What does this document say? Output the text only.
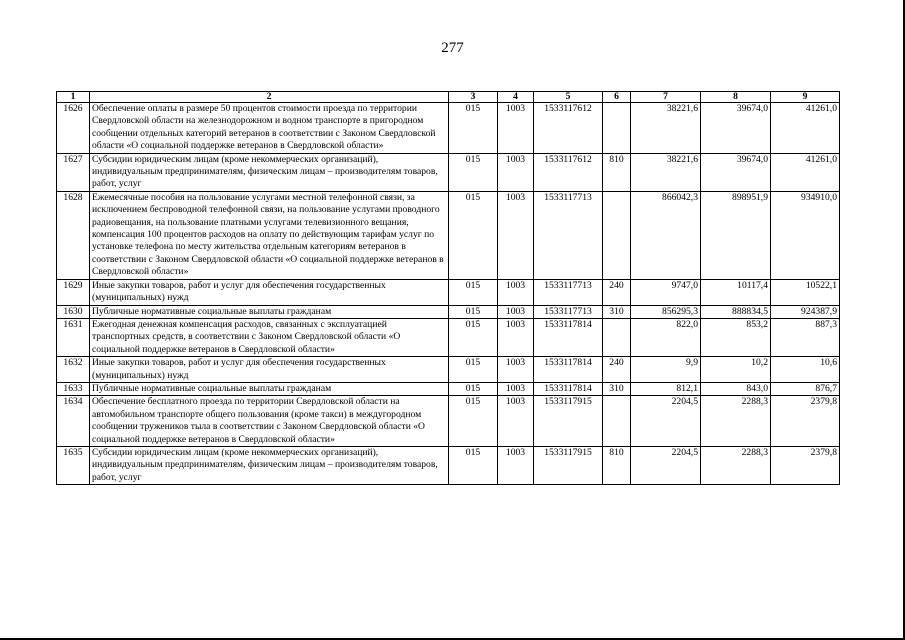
277
1	2	3	4	5	6	7	8	9
1626	Обеспечение оплаты в размере 50 процентов стоимости проезда по территории Свердловской области на железнодорожном и водном транспорте в пригородном сообщении отдельных категорий ветеранов в соответствии с Законом Свердловской области «О социальной поддержке ветеранов в Свердловской области»	015	1003	1533117612		38221,6	39674,0	41261,0
1627	Субсидии юридическим лицам (кроме некоммерческих организаций), индивидуальным предпринимателям, физическим лицам – производителям товаров, работ, услуг	015	1003	1533117612	810	38221,6	39674,0	41261,0
1628	Ежемесячные пособия на пользование услугами местной телефонной связи, за исключением беспроводной телефонной связи, на пользование услугами проводного радиовещания, на пользование платными услугами телевизионного вещания, компенсация 100 процентов расходов на оплату по действующим тарифам услуг по установке телефона по месту жительства отдельным категориям ветеранов в соответствии с Законом Свердловской области «О социальной поддержке ветеранов в Свердловской области»	015	1003	1533117713		866042,3	898951,9	934910,0
1629	Иные закупки товаров, работ и услуг для обеспечения государственных (муниципальных) нужд	015	1003	1533117713	240	9747,0	10117,4	10522,1
1630	Публичные нормативные социальные выплаты гражданам	015	1003	1533117713	310	856295,3	888834,5	924387,9
1631	Ежегодная денежная компенсация расходов, связанных с эксплуатацией транспортных средств, в соответствии с Законом Свердловской области «О социальной поддержке ветеранов в Свердловской области»	015	1003	1533117814		822,0	853,2	887,3
1632	Иные закупки товаров, работ и услуг для обеспечения государственных (муниципальных) нужд	015	1003	1533117814	240	9,9	10,2	10,6
1633	Публичные нормативные социальные выплаты гражданам	015	1003	1533117814	310	812,1	843,0	876,7
1634	Обеспечение бесплатного проезда по территории Свердловской области на автомобильном транспорте общего пользования (кроме такси) в междугородном сообщении тружеников тыла в соответствии с Законом Свердловской области «О социальной поддержке ветеранов в Свердловской области»	015	1003	1533117915		2204,5	2288,3	2379,8
1635	Субсидии юридическим лицам (кроме некоммерческих организаций), индивидуальным предпринимателям, физическим лицам – производителям товаров, работ, услуг	015	1003	1533117915	810	2204,5	2288,3	2379,8
